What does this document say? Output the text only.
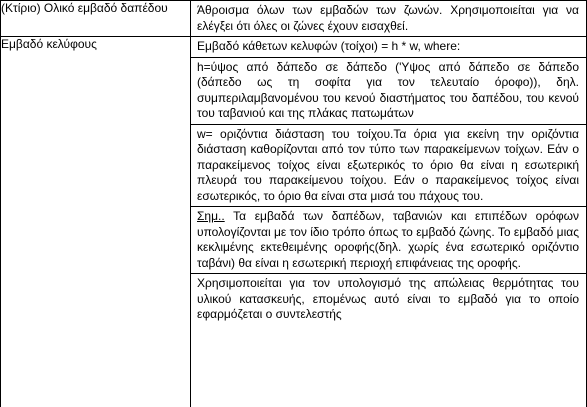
(Κτίριο) Ολικό εμβαδό δαπέδου	Άθροισμα όλων των εμβαδών των ζωνών. Χρησιμοποιείται για να ελέγξει ότι όλες οι ζώνες έχουν εισαχθεί.

Εμβαδό κελύφους	Εμβαδό κάθετων κελυφών (τοίχοι) = h * w, where:

h=ύψος από δάπεδο σε δάπεδο ('Υψος από δάπεδο σε δάπεδο (δάπεδο ως τη σοφίτα για τον τελευταίο όροφο)), δηλ. συμπεριλαμβανομένου του κενού διαστήματος του δαπέδου, του κενού του ταβανιού και της πλάκας πατωμάτων

w= οριζόντια διάσταση του τοίχου.Τα όρια για εκείνη την οριζόντια διάσταση καθορίζονται από τον τύπο των παρακείμενων τοίχων. Εάν ο παρακείμενος τοίχος είναι εξωτερικός το όριο θα είναι η εσωτερική πλευρά του παρακείμενου τοίχου. Εάν ο παρακείμενος τοίχος είναι εσωτερικός, το όριο θα είναι στα μισά του πάχους του.

Σημ.. Τα εμβαδά των δαπέδων, ταβανιών και επιπέδων ορόφων υπολογίζονται με τον ίδιο τρόπο όπως το εμβαδό ζώνης. Το εμβαδό μιας κεκλιμένης εκτεθειμένης οροφής(δηλ. χωρίς ένα εσωτερικό οριζόντιο ταβάνι) θα είναι η εσωτερική περιοχή επιφάνειας της οροφής.

Χρησιμοποιείται για τον υπολογισμό της απώλειας θερμότητας του υλικού κατασκευής, επομένως αυτό είναι το εμβαδό για το οποίο εφαρμόζεται ο συντελεστής
